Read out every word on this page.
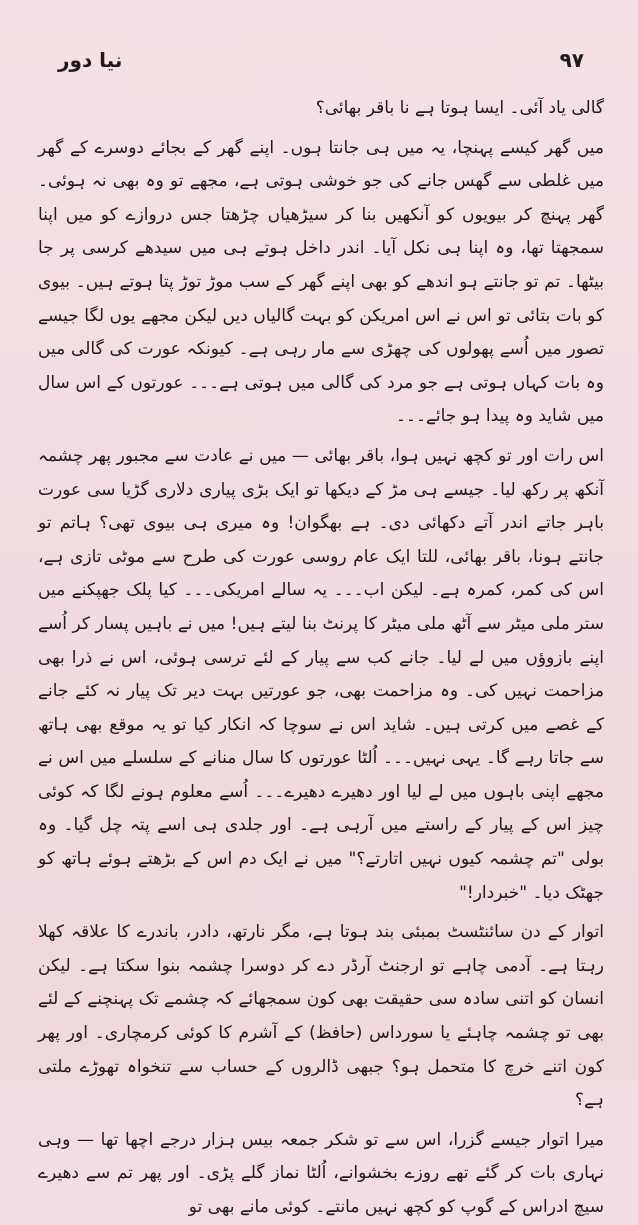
۹۷
نیا دور

گالی یاد آئی۔ ایسا ہوتا ہے نا باقر بھائی؟

میں گھر کیسے پہنچا، یہ میں ہی جانتا ہوں۔ اپنے گھر کے بجائے دوسرے کے گھر میں غلطی سے گھس جانے کی جو خوشی ہوتی ہے، مجھے تو وہ بھی نہ ہوئی۔ گھر پہنچ کر بیویوں کو آنکھیں بنا کر سیڑھیاں چڑھتا جس دروازے کو میں اپنا سمجھتا تھا، وہ اپنا ہی نکل آیا۔ اندر داخل ہوتے ہی میں سیدھے کرسی پر جا بیٹھا۔ تم تو جانتے ہو اندھے کو بھی اپنے گھر کے سب موڑ توڑ پتا ہوتے ہیں۔ بیوی کو بات بتائی تو اس نے اس امریکن کو بہت گالیاں دیں لیکن مجھے یوں لگا جیسے تصور میں اُسے پھولوں کی چھڑی سے مار رہی ہے۔ کیونکہ عورت کی گالی میں وہ بات کہاں ہوتی ہے جو مرد کی گالی میں ہوتی ہے۔۔۔ عورتوں کے اس سال میں شاید وہ پیدا ہو جائے۔۔۔

اس رات اور تو کچھ نہیں ہوا، باقر بھائی — میں نے عادت سے مجبور پھر چشمہ آنکھ پر رکھ لیا۔ جیسے ہی مڑ کے دیکھا تو ایک بڑی پیاری دلاری گڑیا سی عورت باہر جاتے اندر آتے دکھائی دی۔ ہے بھگوان! وہ میری ہی بیوی تھی؟ ہاتم تو جانتے ہونا، باقر بھائی، للتا ایک عام روسی عورت کی طرح سے موٹی تازی ہے، اس کی کمر، کمرہ ہے۔ لیکن اب۔۔۔ یہ سالے امریکی۔۔۔ کیا پلک جھپکنے میں ستر ملی میٹر سے آٹھ ملی میٹر کا پرنٹ بنا لیتے ہیں! میں نے باہیں پسار کر اُسے اپنے بازوؤں میں لے لیا۔ جانے کب سے پیار کے لئے ترسی ہوئی، اس نے ذرا بھی مزاحمت نہیں کی۔ وہ مزاحمت بھی، جو عورتیں بہت دیر تک پیار نہ کئے جانے کے غصے میں کرتی ہیں۔ شاید اس نے سوچا کہ انکار کیا تو یہ موقع بھی ہاتھ سے جاتا رہے گا۔ یہی نہیں۔۔۔ اُلٹا عورتوں کا سال منانے کے سلسلے میں اس نے مجھے اپنی باہوں میں لے لیا اور دھیرے دھیرے۔۔۔ اُسے معلوم ہونے لگا کہ کوئی چیز اس کے پیار کے راستے میں آرہی ہے۔ اور جلدی ہی اسے پتہ چل گیا۔ وہ بولی "تم چشمہ کیوں نہیں اتارتے؟" میں نے ایک دم اس کے بڑھتے ہوئے ہاتھ کو جھٹک دیا۔ "خبردار!"

اتوار کے دن سائنٹسٹ بمبئی بند ہوتا ہے، مگر نارتھ، دادر، باندرے کا علاقہ کھلا رہتا ہے۔ آدمی چاہے تو ارجنٹ آرڈر دے کر دوسرا چشمہ بنوا سکتا ہے۔ لیکن انسان کو اتنی سادہ سی حقیقت بھی کون سمجھائے کہ چشمے تک پہنچنے کے لئے بھی تو چشمہ چاہئے یا سورداس (حافظ) کے آشرم کا کوئی کرمچاری۔ اور پھر کون اتنے خرچ کا متحمل ہو؟ جبھی ڈالروں کے حساب سے تنخواہ تھوڑے ملتی ہے؟

میرا اتوار جیسے گزرا، اس سے تو شکر جمعہ بیس ہزار درجے اچھا تھا — وہی نہاری بات کر گئے تھے روزے بخشوانے، اُلٹا نماز گلے پڑی۔ اور پھر تم سے دھیرے سیچ ادراس کے گوپ کو کچھ نہیں مانتے۔ کوئی مانے بھی تو
